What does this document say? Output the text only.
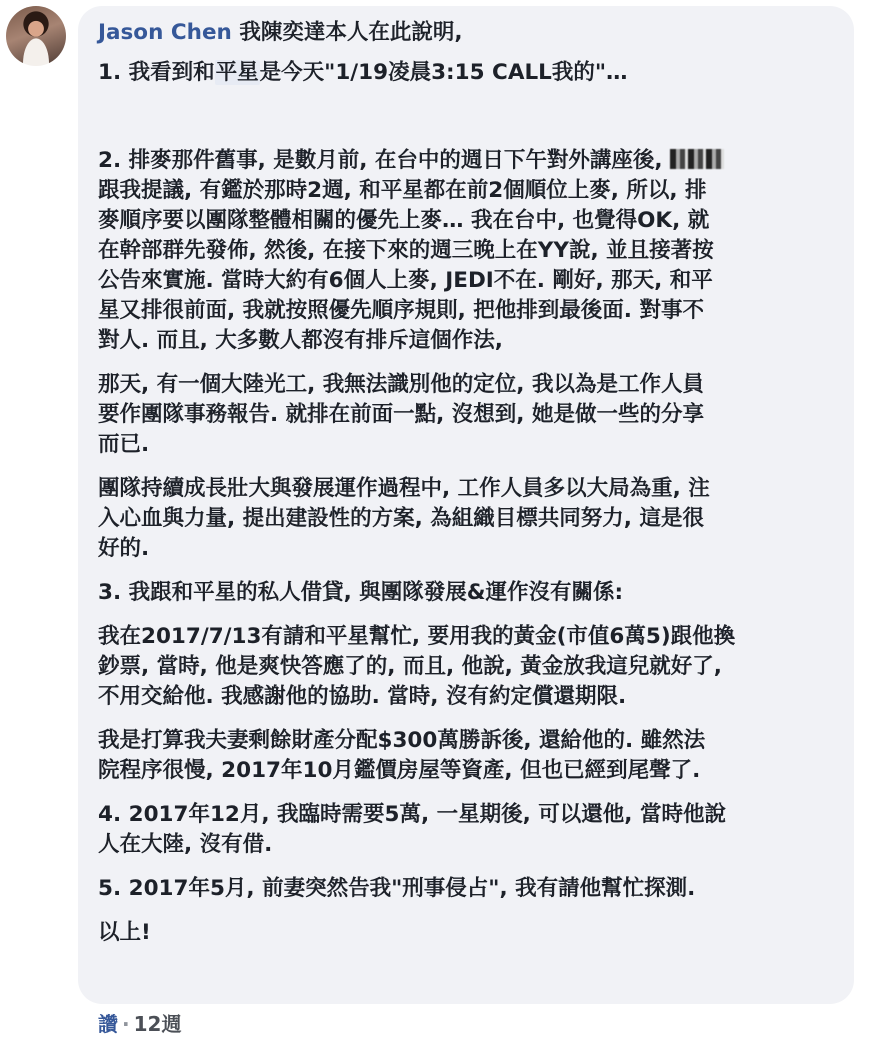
Jason Chen 我陳奕達本人在此說明,

1. 我看到和平星是今天"1/19凌晨3:15 CALL我的"…

2. 排麥那件舊事, 是數月前, 在台中的週日下午對外講座後,
跟我提議, 有鑑於那時2週, 和平星都在前2個順位上麥, 所以, 排
麥順序要以團隊整體相關的優先上麥… 我在台中, 也覺得OK, 就
在幹部群先發佈, 然後, 在接下來的週三晚上在YY說, 並且接著按
公告來實施. 當時大約有6個人上麥, JEDI不在. 剛好, 那天, 和平
星又排很前面, 我就按照優先順序規則, 把他排到最後面. 對事不
對人. 而且, 大多數人都沒有排斥這個作法,

那天, 有一個大陸光工, 我無法識別他的定位, 我以為是工作人員
要作團隊事務報告. 就排在前面一點, 沒想到, 她是做一些的分享
而已.

團隊持續成長壯大與發展運作過程中, 工作人員多以大局為重, 注
入心血與力量, 提出建設性的方案, 為組織目標共同努力, 這是很
好的.

3. 我跟和平星的私人借貸, 與團隊發展&運作沒有關係:

我在2017/7/13有請和平星幫忙, 要用我的黃金(市值6萬5)跟他換
鈔票, 當時, 他是爽快答應了的, 而且, 他說, 黃金放我這兒就好了,
不用交給他. 我感謝他的協助. 當時, 沒有約定償還期限.

我是打算我夫妻剩餘財產分配$300萬勝訴後, 還給他的. 雖然法
院程序很慢, 2017年10月鑑價房屋等資產, 但也已經到尾聲了.

4. 2017年12月, 我臨時需要5萬, 一星期後, 可以還他, 當時他說
人在大陸, 沒有借.

5. 2017年5月, 前妻突然告我"刑事侵占", 我有請他幫忙探測.

以上!

讚 · 12週
